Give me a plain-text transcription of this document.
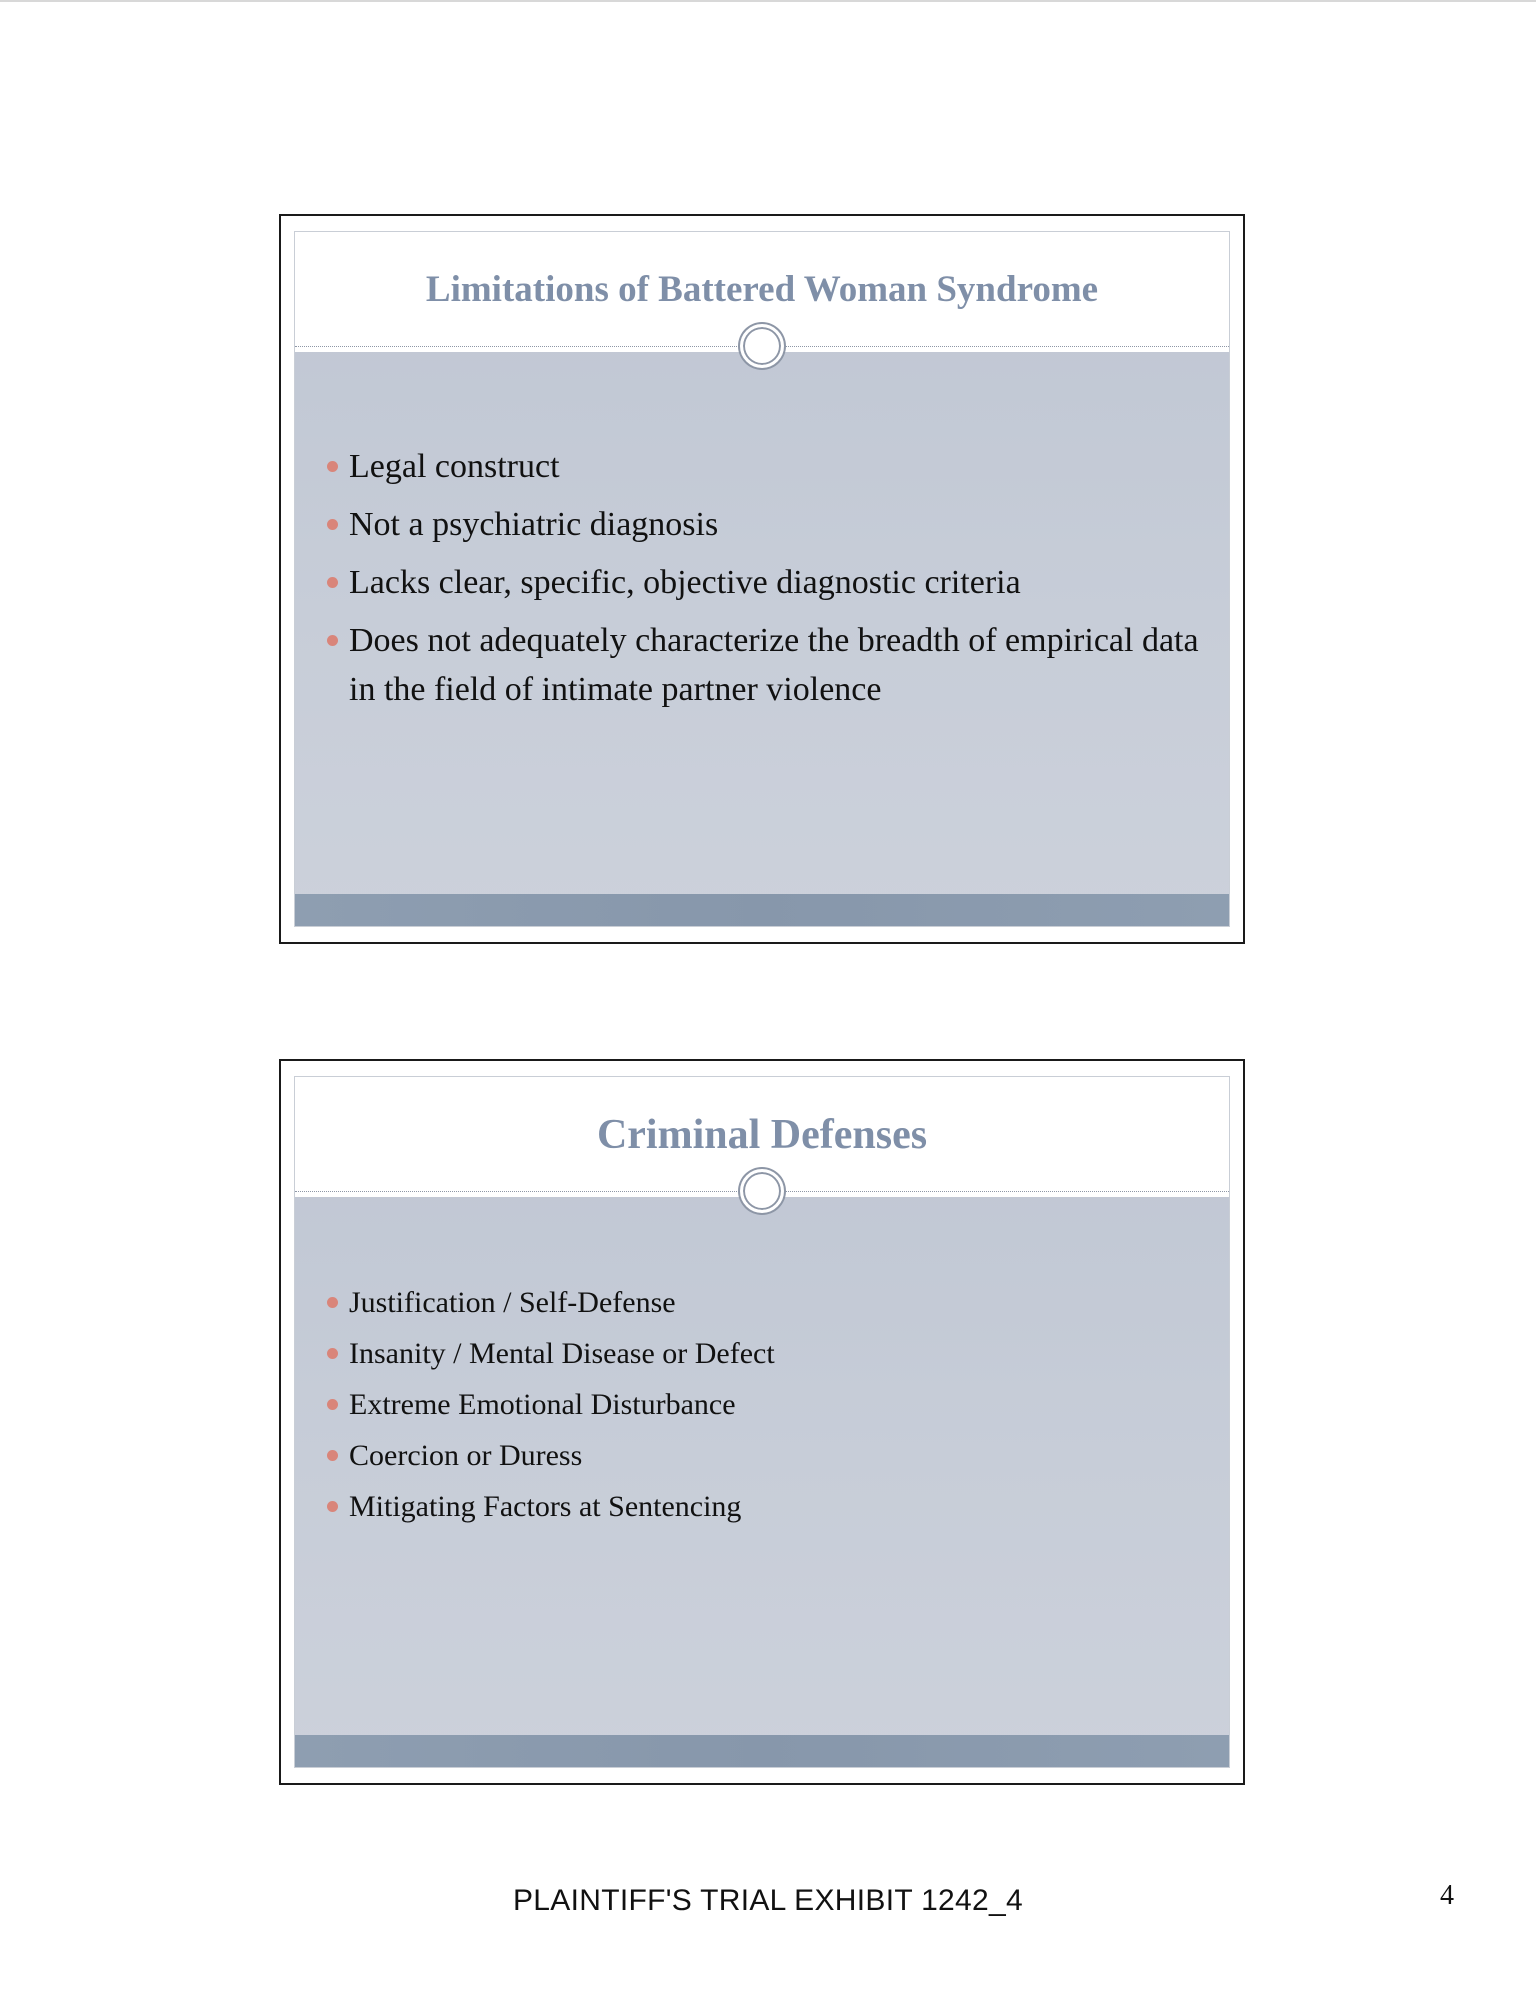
Limitations of Battered Woman Syndrome
Legal construct
Not a psychiatric diagnosis
Lacks clear, specific, objective diagnostic criteria
Does not adequately characterize the breadth of empirical data in the field of intimate partner violence
Criminal Defenses
Justification / Self-Defense
Insanity / Mental Disease or Defect
Extreme Emotional Disturbance
Coercion or Duress
Mitigating Factors at Sentencing
PLAINTIFF'S TRIAL EXHIBIT 1242_4	4
